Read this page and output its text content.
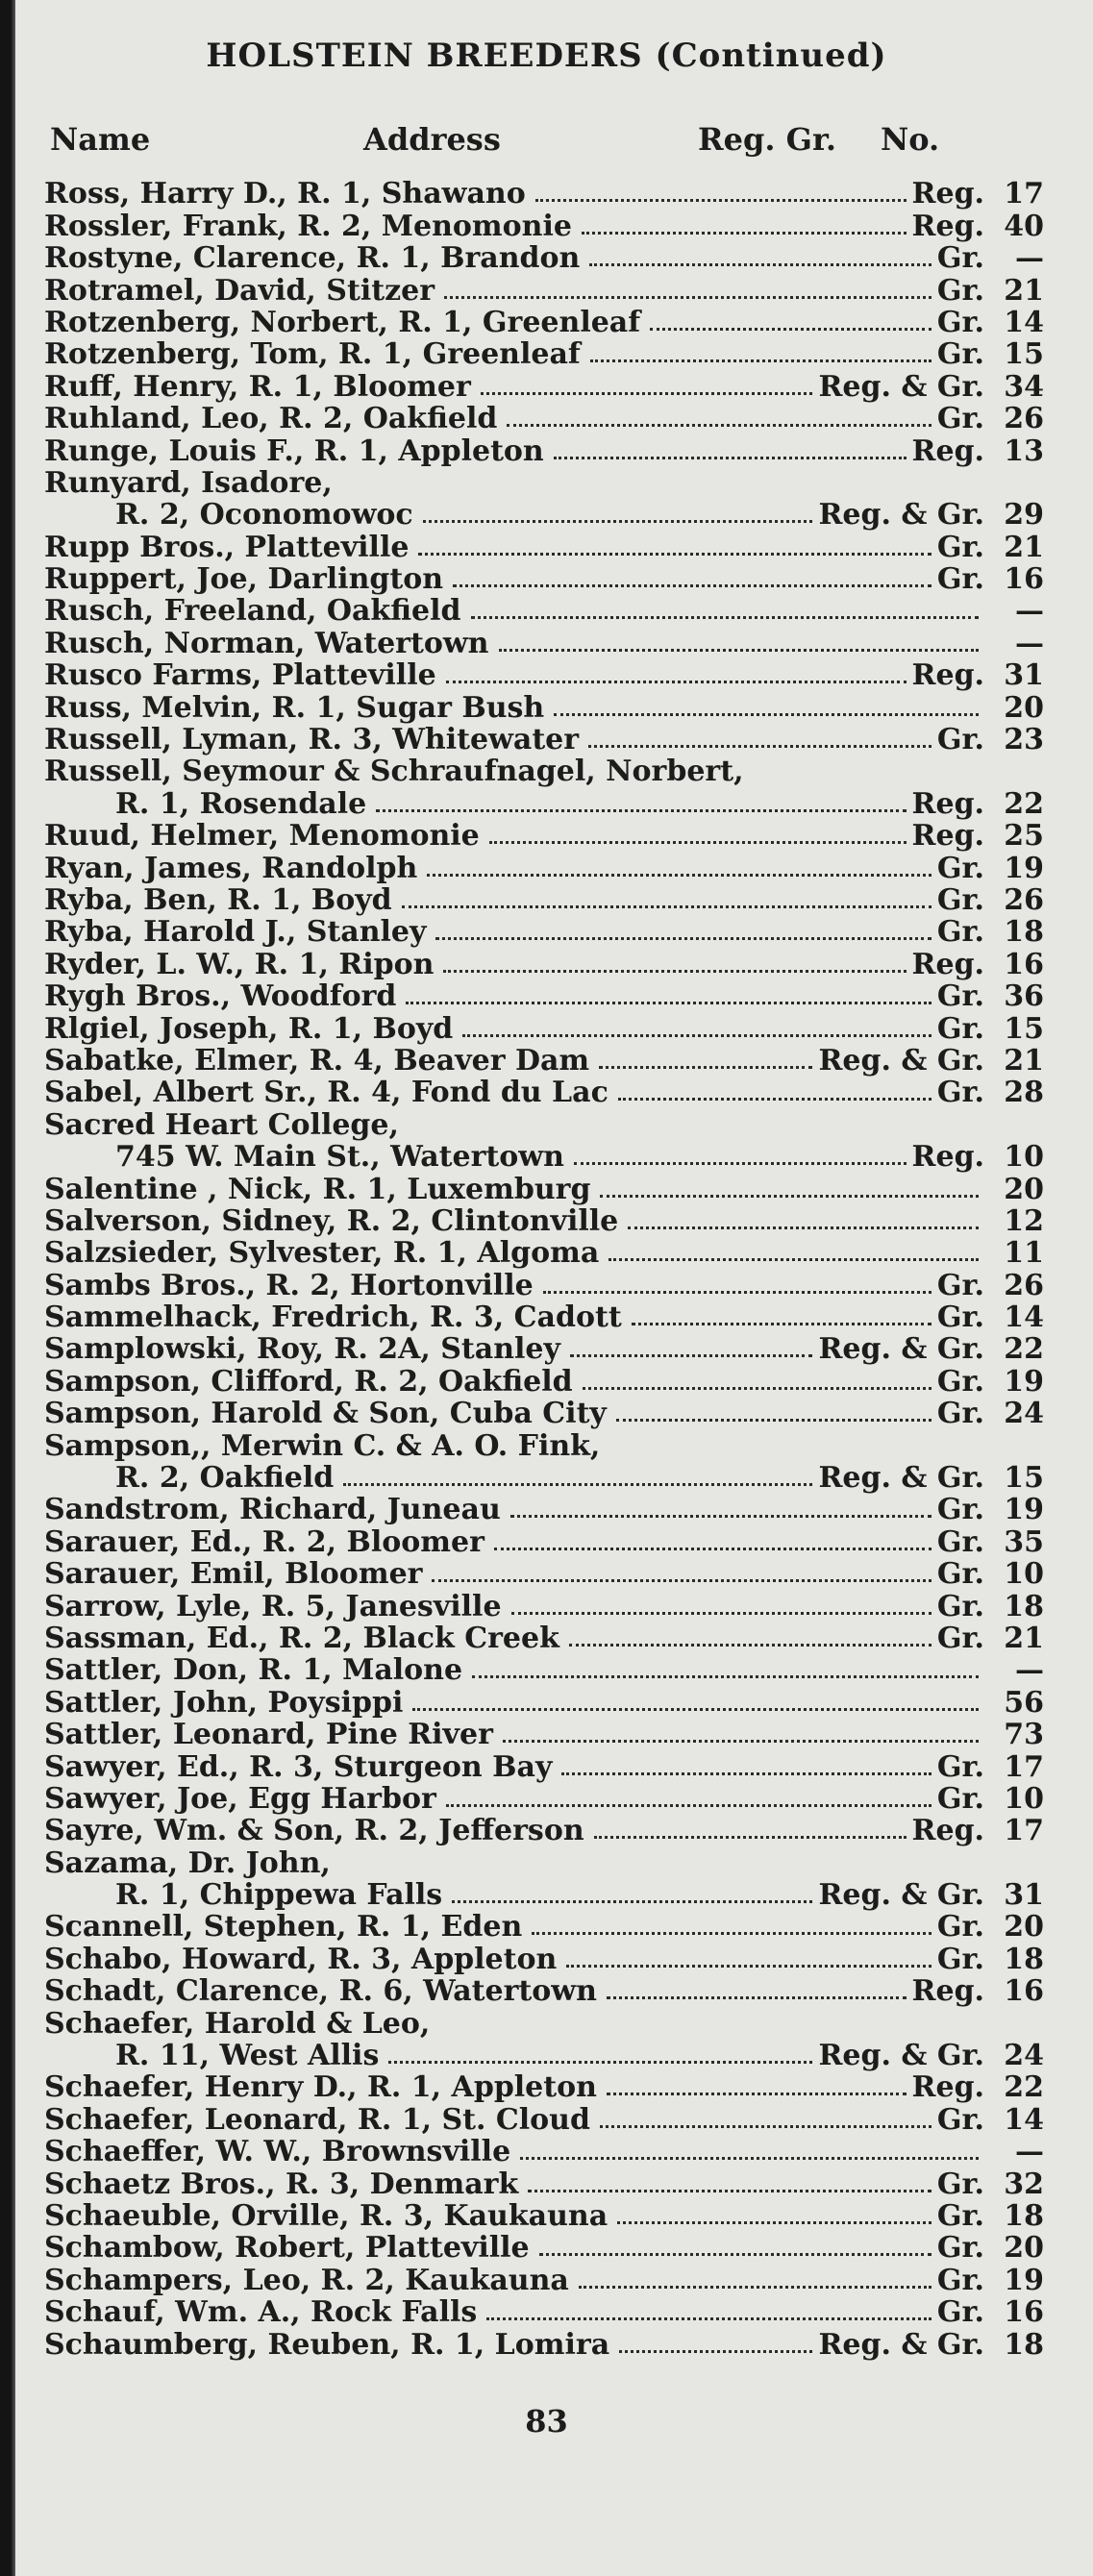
HOLSTEIN BREEDERS (Continued)
Name	Address	Reg. Gr. No.
Ross, Harry D., R. 1, Shawano	Reg. 17
Rossler, Frank, R. 2, Menomonie	Reg. 40
Rostyne, Clarence, R. 1, Brandon	Gr.	—
Rotramel, David, Stitzer	Gr. 21
Rotzenberg, Norbert, R. 1, Greenleaf	Gr. 14
Rotzenberg, Tom, R. 1, Greenleaf	Gr. 15
Ruff, Henry, R. 1, Bloomer	Reg. & Gr. 34
Ruhland, Leo, R. 2, Oakfield	Gr. 26
Runge, Louis F., R. 1, Appleton	Reg. 13
Runyard, Isadore,
R. 2, Oconomowoc	Reg. & Gr. 29
Rupp Bros., Platteville	Gr. 21
Ruppert, Joe, Darlington	Gr. 16
Rusch, Freeland, Oakfield	—
Rusch, Norman, Watertown	—
Rusco Farms, Platteville	Reg. 31
Russ, Melvin, R. 1, Sugar Bush	20
Russell, Lyman, R. 3, Whitewater	Gr. 23
Russell, Seymour & Schraufnagel, Norbert,
R. 1, Rosendale	Reg. 22
Ruud, Helmer, Menomonie	Reg. 25
Ryan, James, Randolph	Gr. 19
Ryba, Ben, R. 1, Boyd	Gr. 26
Ryba, Harold J., Stanley	Gr. 18
Ryder, L. W., R. 1, Ripon	Reg. 16
Rygh Bros., Woodford	Gr. 36
Rlgiel, Joseph, R. 1, Boyd	Gr. 15
Sabatke, Elmer, R. 4, Beaver Dam	Reg. & Gr. 21
Sabel, Albert Sr., R. 4, Fond du Lac	Gr. 28
Sacred Heart College,
745 W. Main St., Watertown	Reg. 10
Salentine , Nick, R. 1, Luxemburg	20
Salverson, Sidney, R. 2, Clintonville	12
Salzsieder, Sylvester, R. 1, Algoma	11
Sambs Bros., R. 2, Hortonville	Gr. 26
Sammelhack, Fredrich, R. 3, Cadott	Gr. 14
Samplowski, Roy, R. 2A, Stanley	Reg. & Gr. 22
Sampson, Clifford, R. 2, Oakfield	Gr. 19
Sampson, Harold & Son, Cuba City	Gr. 24
Sampson,, Merwin C. & A. O. Fink,
R. 2, Oakfield	Reg. & Gr. 15
Sandstrom, Richard, Juneau	Gr. 19
Sarauer, Ed., R. 2, Bloomer	Gr. 35
Sarauer, Emil, Bloomer	Gr. 10
Sarrow, Lyle, R. 5, Janesville	Gr. 18
Sassman, Ed., R. 2, Black Creek	Gr. 21
Sattler, Don, R. 1, Malone	—
Sattler, John, Poysippi	56
Sattler, Leonard, Pine River	73
Sawyer, Ed., R. 3, Sturgeon Bay	Gr. 17
Sawyer, Joe, Egg Harbor	Gr. 10
Sayre, Wm. & Son, R. 2, Jefferson	Reg. 17
Sazama, Dr. John,
R. 1, Chippewa Falls	Reg. & Gr. 31
Scannell, Stephen, R. 1, Eden	Gr. 20
Schabo, Howard, R. 3, Appleton	Gr. 18
Schadt, Clarence, R. 6, Watertown	Reg. 16
Schaefer, Harold & Leo,
R. 11, West Allis	Reg. & Gr. 24
Schaefer, Henry D., R. 1, Appleton	Reg. 22
Schaefer, Leonard, R. 1, St. Cloud	Gr. 14
Schaeffer, W. W., Brownsville	—
Schaetz Bros., R. 3, Denmark	Gr. 32
Schaeuble, Orville, R. 3, Kaukauna	Gr. 18
Schambow, Robert, Platteville	Gr. 20
Schampers, Leo, R. 2, Kaukauna	Gr. 19
Schauf, Wm. A., Rock Falls	Gr. 16
Schaumberg, Reuben, R. 1, Lomira	Reg. & Gr. 18
83
